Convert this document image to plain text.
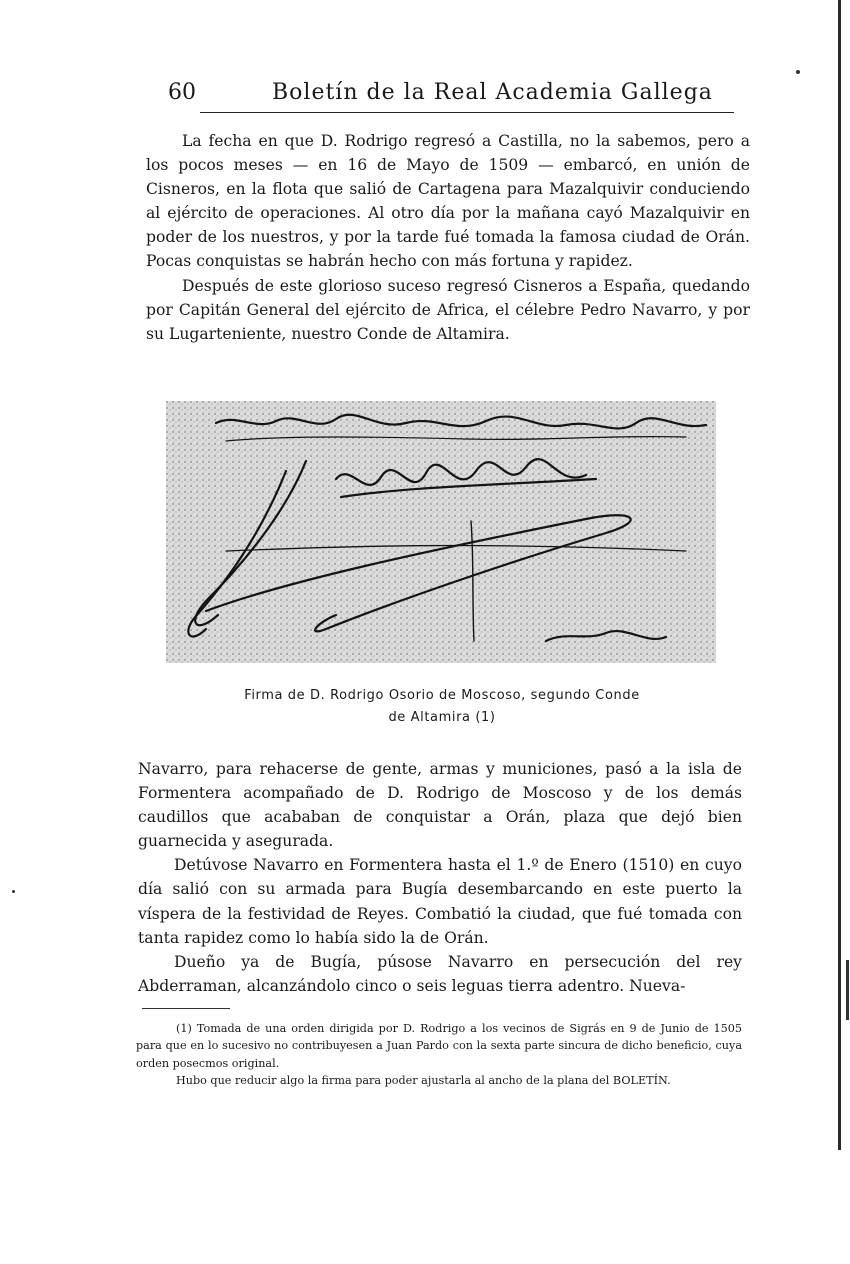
60	Boletín de la Real Academia Gallega

La fecha en que D. Rodrigo regresó a Castilla, no la sabemos, pero a los pocos meses — en 16 de Mayo de 1509 — embarcó, en unión de Cisneros, en la flota que salió de Cartagena para Mazalquivir conduciendo al ejército de operaciones. Al otro día por la mañana cayó Mazalquivir en poder de los nuestros, y por la tarde fué tomada la famosa ciudad de Orán. Pocas conquistas se habrán hecho con más fortuna y rapidez.

Después de este glorioso suceso regresó Cisneros a España, quedando por Capitán General del ejército de Africa, el célebre Pedro Navarro, y por su Lugarteniente, nuestro Conde de Altamira.

Firma de D. Rodrigo Osorio de Moscoso, segundo Conde
de Altamira (1)

Navarro, para rehacerse de gente, armas y municiones, pasó a la isla de Formentera acompañado de D. Rodrigo de Moscoso y de los demás caudillos que acababan de conquistar a Orán, plaza que dejó bien guarnecida y asegurada.

Detúvose Navarro en Formentera hasta el 1.º de Enero (1510) en cuyo día salió con su armada para Bugía desembarcando en este puerto la víspera de la festividad de Reyes. Combatió la ciudad, que fué tomada con tanta rapidez como lo había sido la de Orán.

Dueño ya de Bugía, púsose Navarro en persecución del rey Abderraman, alcanzándolo cinco o seis leguas tierra adentro. Nueva-

(1) Tomada de una orden dirigida por D. Rodrigo a los vecinos de Sigrás en 9 de Junio de 1505 para que en lo sucesivo no contribuyesen a Juan Pardo con la sexta parte sincura de dicho beneficio, cuya orden posecmos original.

Hubo que reducir algo la firma para poder ajustarla al ancho de la plana del BOLETÍN.
